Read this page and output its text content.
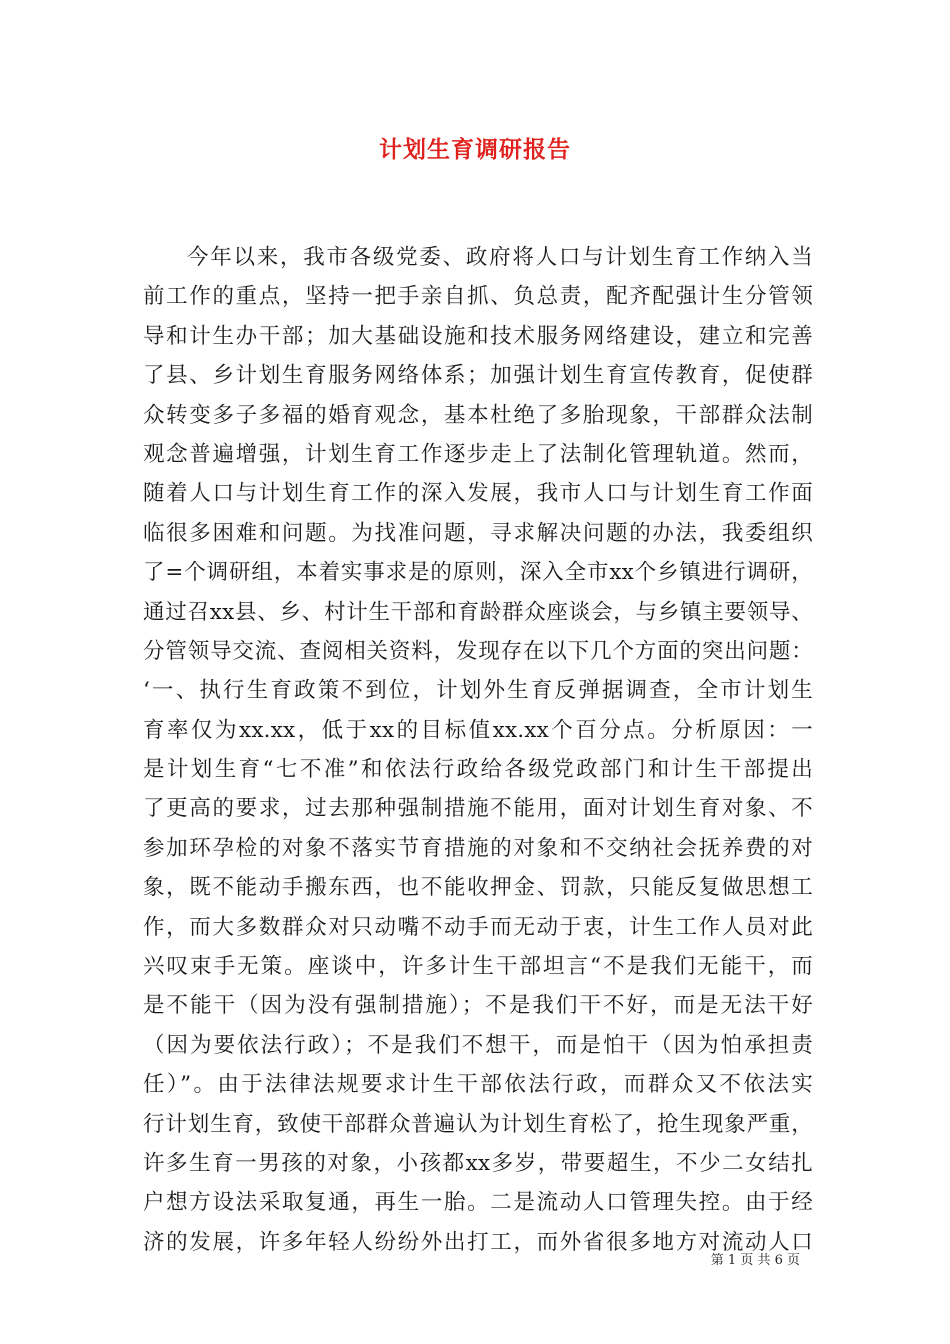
计划生育调研报告
今年以来，我市各级党委、政府将人口与计划生育工作纳入当
前工作的重点，坚持一把手亲自抓、负总责，配齐配强计生分管领
导和计生办干部；加大基础设施和技术服务网络建设，建立和完善
了县、乡计划生育服务网络体系；加强计划生育宣传教育，促使群
众转变多子多福的婚育观念，基本杜绝了多胎现象，干部群众法制
观念普遍增强，计划生育工作逐步走上了法制化管理轨道。然而，
随着人口与计划生育工作的深入发展，我市人口与计划生育工作面
临很多困难和问题。为找准问题，寻求解决问题的办法，我委组织
了=个调研组，本着实事求是的原则，深入全市xx个乡镇进行调研，
通过召xx县、乡、村计生干部和育龄群众座谈会，与乡镇主要领导、
分管领导交流、查阅相关资料，发现存在以下几个方面的突出问题：
‘一、执行生育政策不到位，计划外生育反弹据调查，全市计划生
育率仅为xx.xx，低于xx的目标值xx.xx个百分点。分析原因：一
是计划生育“七不准”和依法行政给各级党政部门和计生干部提出
了更高的要求，过去那种强制措施不能用，面对计划生育对象、不
参加环孕检的对象不落实节育措施的对象和不交纳社会抚养费的对
象，既不能动手搬东西，也不能收押金、罚款，只能反复做思想工
作，而大多数群众对只动嘴不动手而无动于衷，计生工作人员对此
兴叹束手无策。座谈中，许多计生干部坦言“不是我们无能干，而
是不能干（因为没有强制措施）；不是我们干不好，而是无法干好
（因为要依法行政）；不是我们不想干，而是怕干（因为怕承担责
任）”。由于法律法规要求计生干部依法行政，而群众又不依法实
行计划生育，致使干部群众普遍认为计划生育松了，抢生现象严重，
许多生育一男孩的对象，小孩都xx多岁，带要超生，不少二女结扎
户想方设法采取复通，再生一胎。二是流动人口管理失控。由于经
济的发展，许多年轻人纷纷外出打工，而外省很多地方对流动人口
第 1 页 共 6 页
